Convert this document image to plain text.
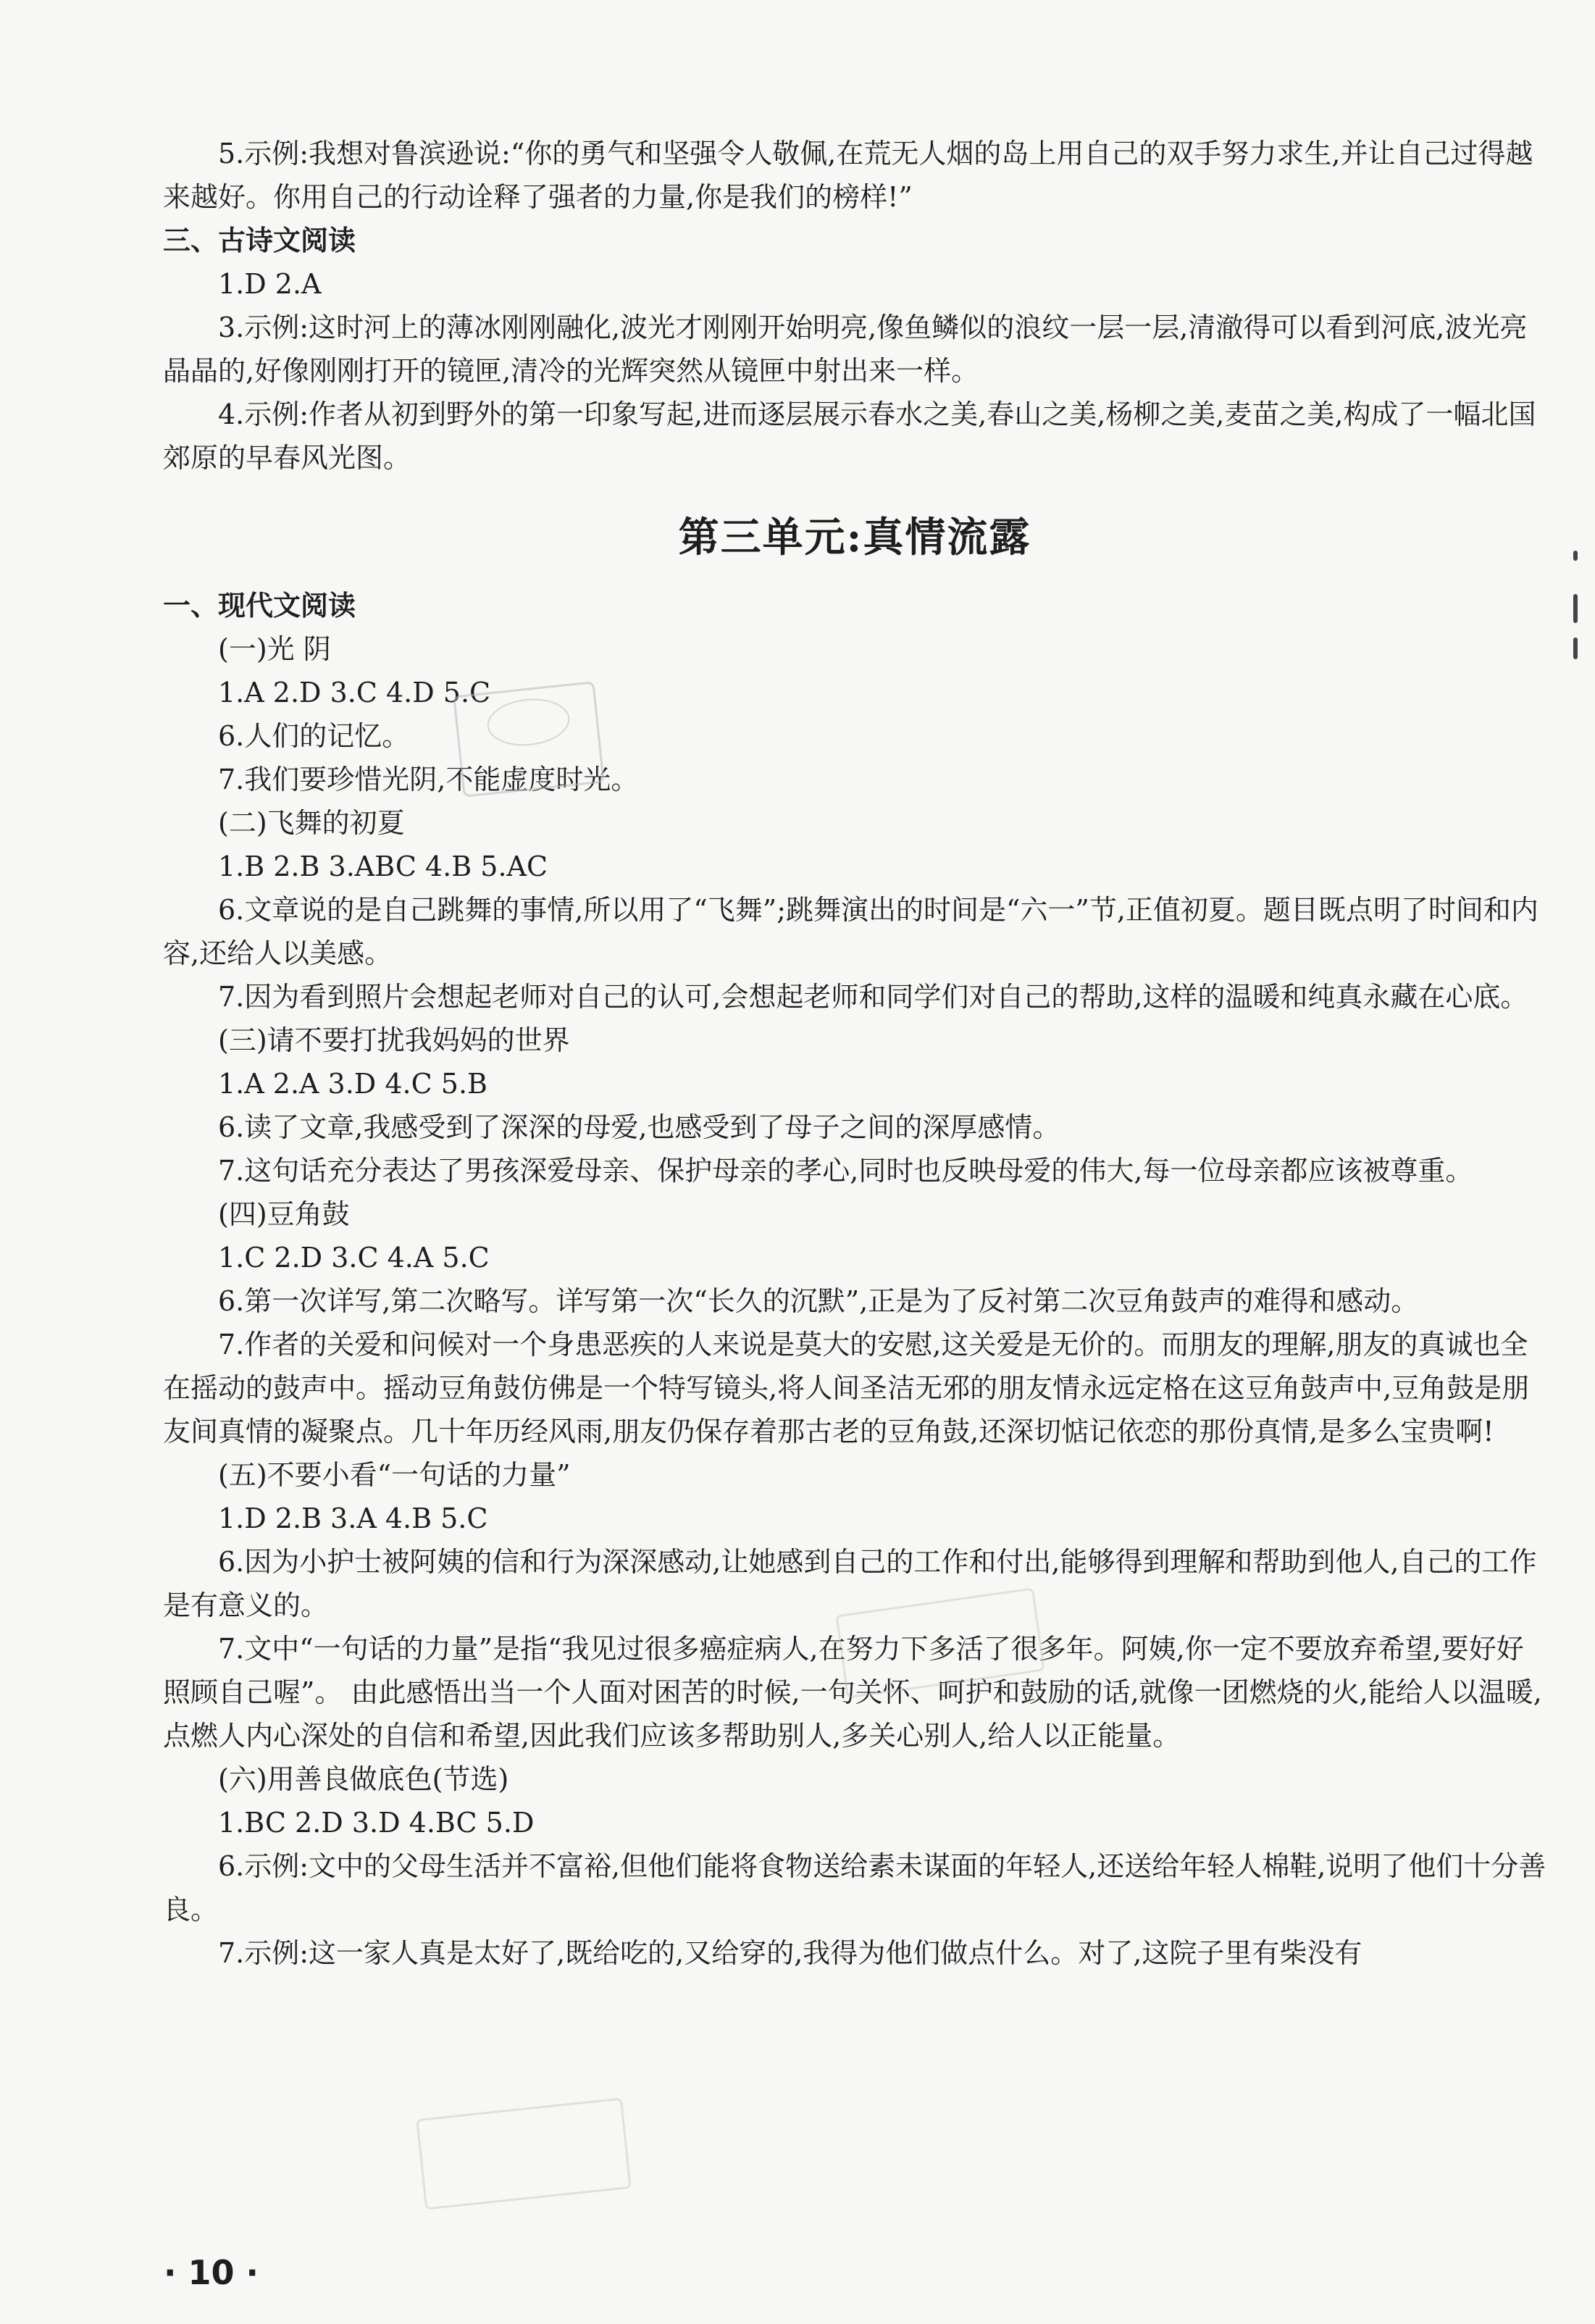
5.示例:我想对鲁滨逊说:“你的勇气和坚强令人敬佩,在荒无人烟的岛上用自己的双手努力求生,并让自己过得越来越好。你用自己的行动诠释了强者的力量,你是我们的榜样!”

三、古诗文阅读

1.D 2.A

3.示例:这时河上的薄冰刚刚融化,波光才刚刚开始明亮,像鱼鳞似的浪纹一层一层,清澈得可以看到河底,波光亮晶晶的,好像刚刚打开的镜匣,清冷的光辉突然从镜匣中射出来一样。

4.示例:作者从初到野外的第一印象写起,进而逐层展示春水之美,春山之美,杨柳之美,麦苗之美,构成了一幅北国郊原的早春风光图。

第三单元:真情流露
一、现代文阅读

(一)光 阴

1.A 2.D 3.C 4.D 5.C

6.人们的记忆。

7.我们要珍惜光阴,不能虚度时光。

(二)飞舞的初夏

1.B 2.B 3.ABC 4.B 5.AC

6.文章说的是自己跳舞的事情,所以用了“飞舞”;跳舞演出的时间是“六一”节,正值初夏。题目既点明了时间和内容,还给人以美感。

7.因为看到照片会想起老师对自己的认可,会想起老师和同学们对自己的帮助,这样的温暖和纯真永藏在心底。

(三)请不要打扰我妈妈的世界

1.A 2.A 3.D 4.C 5.B

6.读了文章,我感受到了深深的母爱,也感受到了母子之间的深厚感情。

7.这句话充分表达了男孩深爱母亲、保护母亲的孝心,同时也反映母爱的伟大,每一位母亲都应该被尊重。

(四)豆角鼓

1.C 2.D 3.C 4.A 5.C

6.第一次详写,第二次略写。详写第一次“长久的沉默”,正是为了反衬第二次豆角鼓声的难得和感动。

7.作者的关爱和问候对一个身患恶疾的人来说是莫大的安慰,这关爱是无价的。而朋友的理解,朋友的真诚也全在摇动的鼓声中。摇动豆角鼓仿佛是一个特写镜头,将人间圣洁无邪的朋友情永远定格在这豆角鼓声中,豆角鼓是朋友间真情的凝聚点。几十年历经风雨,朋友仍保存着那古老的豆角鼓,还深切惦记依恋的那份真情,是多么宝贵啊!

(五)不要小看“一句话的力量”

1.D 2.B 3.A 4.B 5.C

6.因为小护士被阿姨的信和行为深深感动,让她感到自己的工作和付出,能够得到理解和帮助到他人,自己的工作是有意义的。

7.文中“一句话的力量”是指“我见过很多癌症病人,在努力下多活了很多年。阿姨,你一定不要放弃希望,要好好照顾自己喔”。 由此感悟出当一个人面对困苦的时候,一句关怀、呵护和鼓励的话,就像一团燃烧的火,能给人以温暖,点燃人内心深处的自信和希望,因此我们应该多帮助别人,多关心别人,给人以正能量。

(六)用善良做底色(节选)

1.BC 2.D 3.D 4.BC 5.D

6.示例:文中的父母生活并不富裕,但他们能将食物送给素未谋面的年轻人,还送给年轻人棉鞋,说明了他们十分善良。

7.示例:这一家人真是太好了,既给吃的,又给穿的,我得为他们做点什么。对了,这院子里有柴没有

· 10 ·
